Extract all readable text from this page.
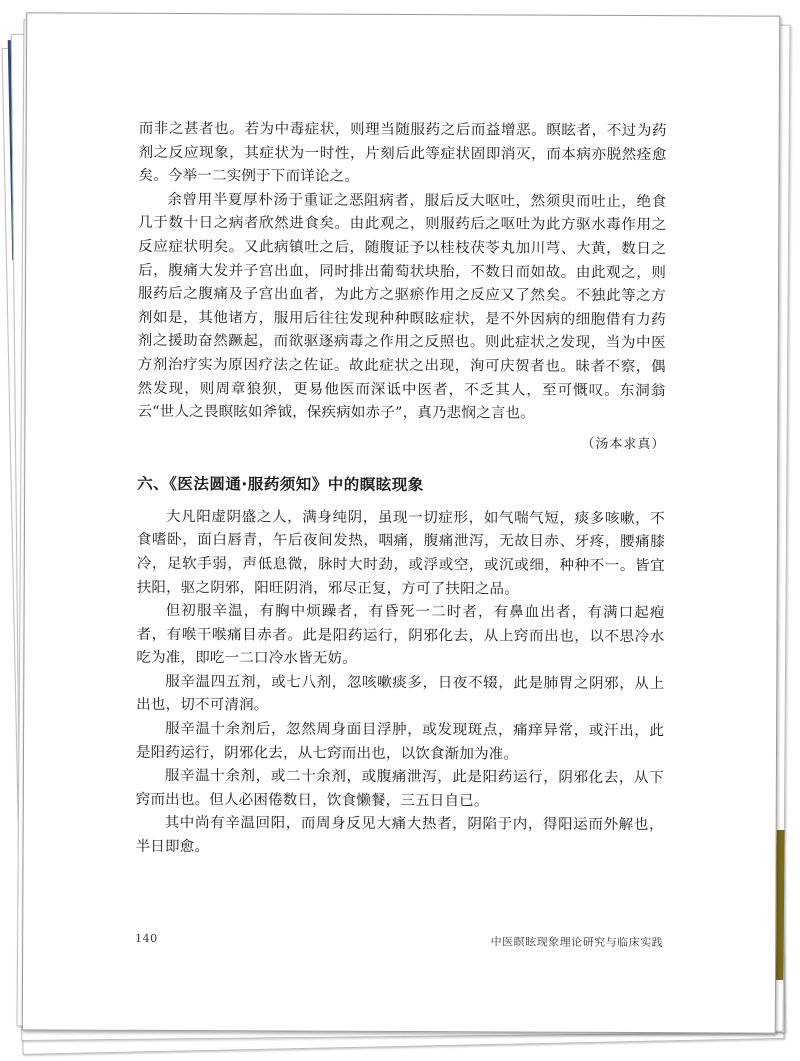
而非之甚者也。若为中毒症状，则理当随服药之后而益增恶。瞑眩者，不过为药剂之反应现象，其症状为一时性，片刻后此等症状固即消灭，而本病亦脱然痊愈矣。今举一二实例于下而详论之。

余曾用半夏厚朴汤于重证之恶阻病者，服后反大呕吐，然须臾而吐止，绝食几于数十日之病者欣然进食矣。由此观之，则服药后之呕吐为此方驱水毒作用之反应症状明矣。又此病镇吐之后，随腹证予以桂枝茯苓丸加川芎、大黄，数日之后，腹痛大发并子宫出血，同时排出葡萄状块胎，不数日而如故。由此观之，则服药后之腹痛及子宫出血者，为此方之驱瘀作用之反应又了然矣。不独此等之方剂如是，其他诸方，服用后往往发现种种瞑眩症状，是不外因病的细胞借有力药剂之援助奋然蹶起，而欲驱逐病毒之作用之反照也。则此症状之发现，当为中医方剂治疗实为原因疗法之佐证。故此症状之出现，洵可庆贺者也。昧者不察，偶然发现，则周章狼狈，更易他医而深诋中医者，不乏其人，至可慨叹。东洞翁云“世人之畏瞑眩如斧钺，保疾病如赤子”，真乃悲悯之言也。

（汤本求真）

六、《医法圆通·服药须知》中的瞑眩现象

大凡阳虚阴盛之人，满身纯阴，虽现一切症形，如气喘气短，痰多咳嗽，不食嗜卧，面白唇青，午后夜间发热，咽痛，腹痛泄泻，无故目赤、牙疼，腰痛膝冷，足软手弱，声低息微，脉时大时劲，或浮或空，或沉或细，种种不一。皆宜扶阳，驱之阴邪，阳旺阴消，邪尽正复，方可了扶阳之品。

但初服辛温，有胸中烦躁者，有昏死一二时者，有鼻血出者，有满口起疱者，有喉干喉痛目赤者。此是阳药运行，阴邪化去，从上窍而出也，以不思冷水吃为准，即吃一二口冷水皆无妨。

服辛温四五剂，或七八剂，忽咳嗽痰多，日夜不辍，此是肺胃之阴邪，从上出也，切不可清润。

服辛温十余剂后，忽然周身面目浮肿，或发现斑点，痛痒异常，或汗出，此是阳药运行，阴邪化去，从七窍而出也，以饮食渐加为准。

服辛温十余剂，或二十余剂，或腹痛泄泻，此是阳药运行，阴邪化去，从下窍而出也。但人必困倦数日，饮食懒餐，三五日自已。

其中尚有辛温回阳，而周身反见大痛大热者，阴陷于内，得阳运而外解也，半日即愈。

140	中医瞑眩现象理论研究与临床实践
